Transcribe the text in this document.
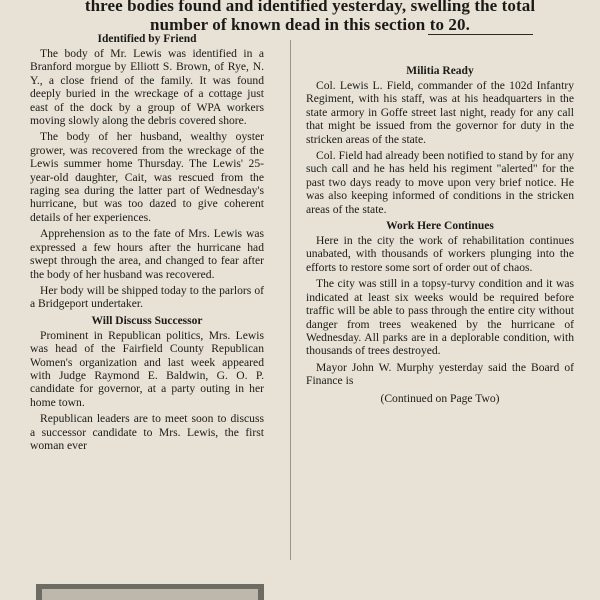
three bodies found and identified yesterday, swelling the total
number of known dead in this section to 20.
Identified by Friend

The body of Mr. Lewis was identified in a Branford morgue by Elliott S. Brown, of Rye, N. Y., a close friend of the family. It was found deeply buried in the wreckage of a cottage just east of the dock by a group of WPA workers moving slowly along the debris covered shore.

The body of her husband, wealthy oyster grower, was recovered from the wreckage of the Lewis summer home Thursday. The Lewis' 25-year-old daughter, Cait, was rescued from the raging sea during the latter part of Wednesday's hurricane, but was too dazed to give coherent details of her experiences.

Apprehension as to the fate of Mrs. Lewis was expressed a few hours after the hurricane had swept through the area, and changed to fear after the body of her husband was recovered.

Her body will be shipped today to the parlors of a Bridgeport undertaker.

Will Discuss Successor

Prominent in Republican politics, Mrs. Lewis was head of the Fairfield County Republican Women's organization and last week appeared with Judge Raymond E. Baldwin, G. O. P. candidate for governor, at a party outing in her home town.

Republican leaders are to meet soon to discuss a successor candidate to Mrs. Lewis, the first woman ever

Militia Ready

Col. Lewis L. Field, commander of the 102d Infantry Regiment, with his staff, was at his headquarters in the state armory in Goffe street last night, ready for any call that might be issued from the governor for duty in the stricken areas of the state.

Col. Field had already been notified to stand by for any such call and he has held his regiment "alerted" for the past two days ready to move upon very brief notice. He was also keeping informed of conditions in the stricken areas of the state.

Work Here Continues

Here in the city the work of rehabilitation continues unabated, with thousands of workers plunging into the efforts to restore some sort of order out of chaos.

The city was still in a topsy-turvy condition and it was indicated at least six weeks would be required before traffic will be able to pass through the entire city without danger from trees weakened by the hurricane of Wednesday. All parks are in a deplorable condition, with thousands of trees destroyed.

Mayor John W. Murphy yesterday said the Board of Finance is

(Continued on Page Two)
